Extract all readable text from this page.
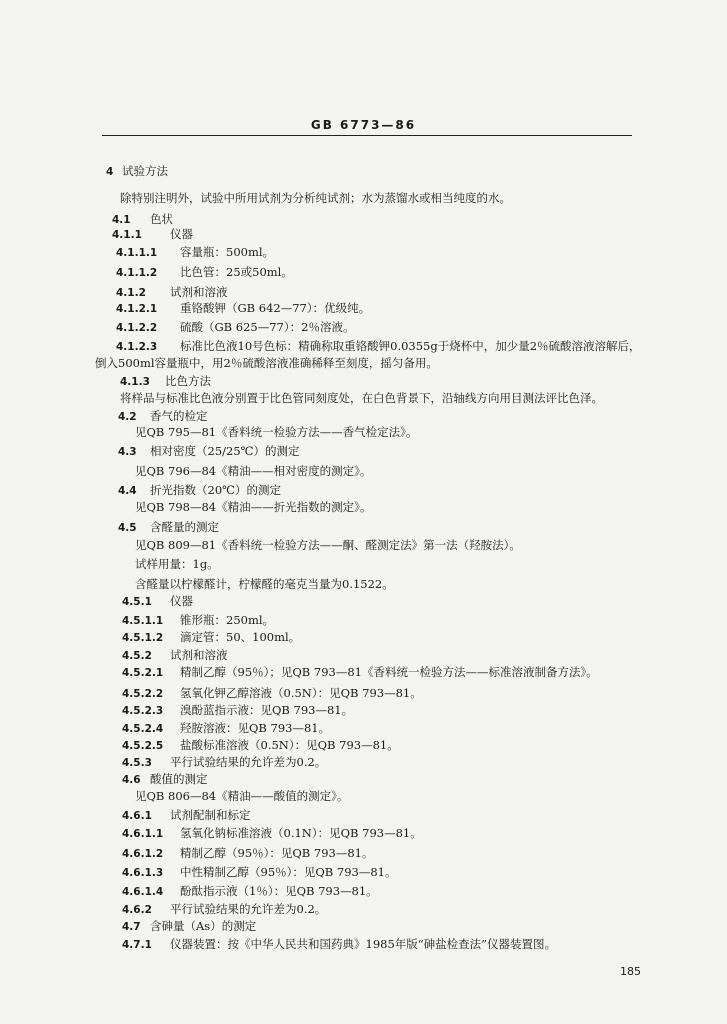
GB 6773—86
4 试验方法
除特别注明外，试验中所用试剂为分析纯试剂；水为蒸馏水或相当纯度的水。
4.1 色状
4.1.1 仪器
4.1.1.1 容量瓶：500ml。
4.1.1.2 比色管：25或50ml。
4.1.2 试剂和溶液
4.1.2.1 重铬酸钾（GB 642—77）：优级纯。
4.1.2.2 硫酸（GB 625—77）：2％溶液。
4.1.2.3 标准比色液10号色标：精确称取重铬酸钾0.0355g于烧杯中，加少量2％硫酸溶液溶解后，
倒入500ml容量瓶中，用2％硫酸溶液准确稀释至刻度，摇匀备用。
4.1.3 比色方法
将样品与标准比色液分别置于比色管同刻度处，在白色背景下，沿轴线方向用目测法评比色泽。
4.2 香气的检定
见QB 795—81《香料统一检验方法——香气检定法》。
4.3 相对密度（25/25℃）的测定
见QB 796—84《精油——相对密度的测定》。
4.4 折光指数（20℃）的测定
见QB 798—84《精油——折光指数的测定》。
4.5 含醛量的测定
见QB 809—81《香料统一检验方法——酮、醛测定法》第一法（羟胺法）。
试样用量：1g。
含醛量以柠檬醛计，柠檬醛的毫克当量为0.1522。
4.5.1 仪器
4.5.1.1 锥形瓶：250ml。
4.5.1.2 滴定管：50、100ml。
4.5.2 试剂和溶液
4.5.2.1 精制乙醇（95％）；见QB 793—81《香料统一检验方法——标准溶液制备方法》。
4.5.2.2 氢氧化钾乙醇溶液（0.5N）：见QB 793—81。
4.5.2.3 溴酚蓝指示液：见QB 793—81。
4.5.2.4 羟胺溶液：见QB 793—81。
4.5.2.5 盐酸标准溶液（0.5N）：见QB 793—81。
4.5.3 平行试验结果的允许差为0.2。
4.6 酸值的测定
见QB 806—84《精油——酸值的测定》。
4.6.1 试剂配制和标定
4.6.1.1 氢氧化钠标准溶液（0.1N）：见QB 793—81。
4.6.1.2 精制乙醇（95％）：见QB 793—81。
4.6.1.3 中性精制乙醇（95％）：见QB 793—81。
4.6.1.4 酚酞指示液（1％）：见QB 793—81。
4.6.2 平行试验结果的允许差为0.2。
4.7 含砷量（As）的测定
4.7.1 仪器装置：按《中华人民共和国药典》1985年版“砷盐检查法”仪器装置图。
185
